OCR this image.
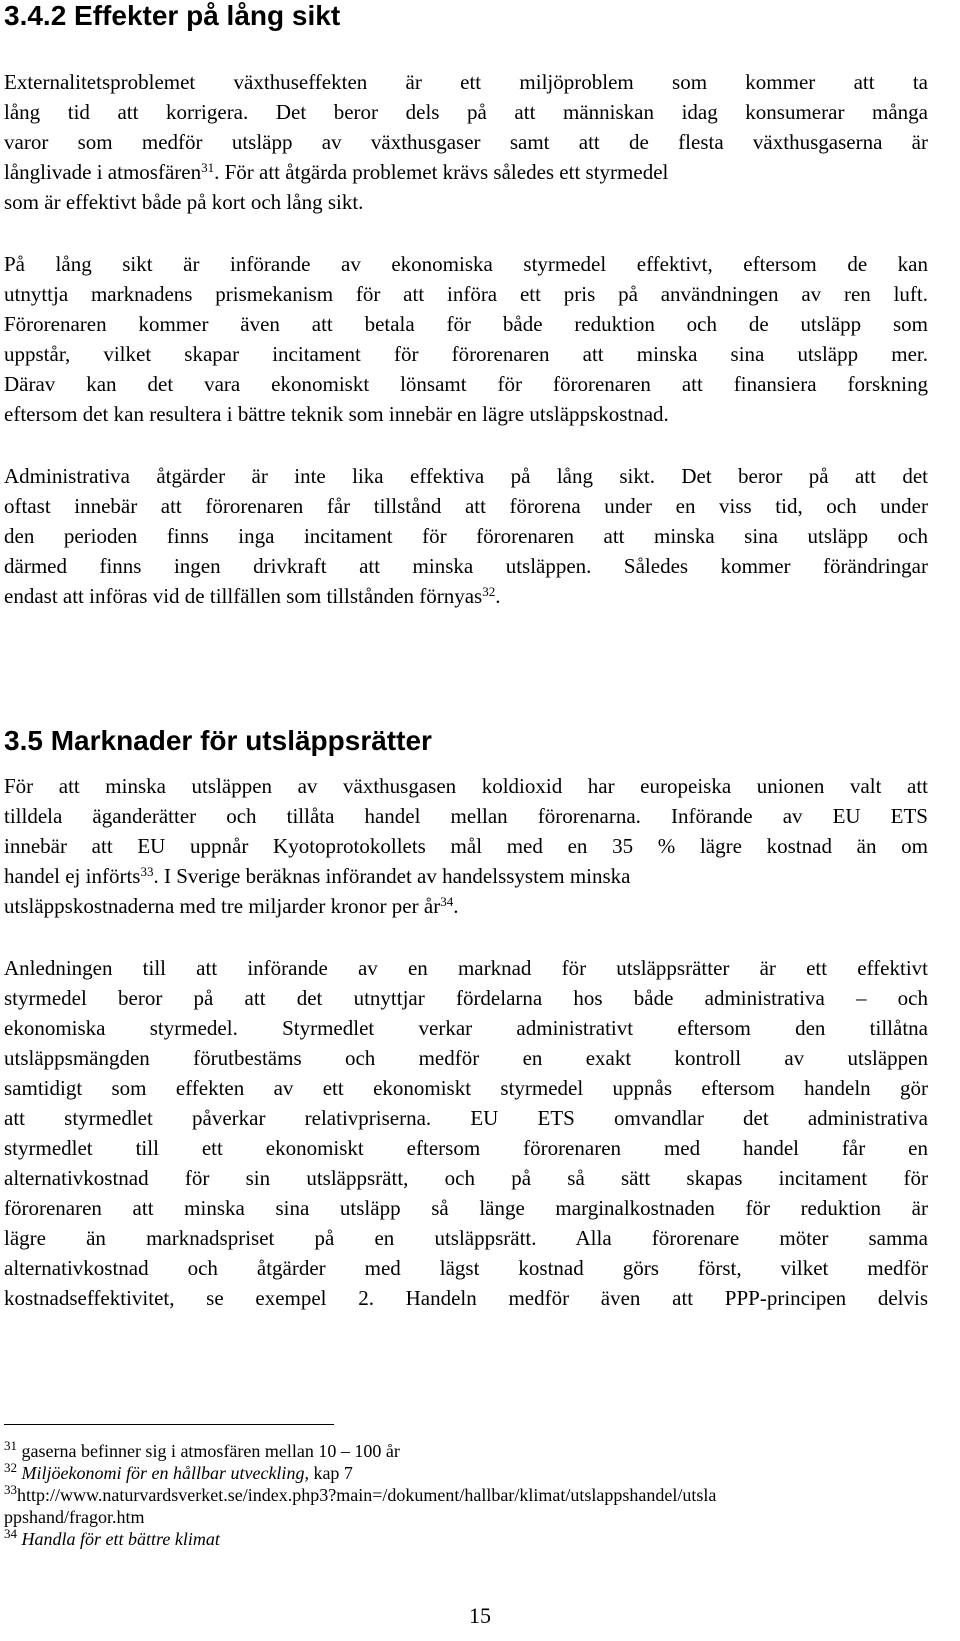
3.4.2 Effekter på lång sikt

Externalitetsproblemet växthuseffekten är ett miljöproblem som kommer att ta

lång tid att korrigera. Det beror dels på att människan idag konsumerar många

varor som medför utsläpp av växthusgaser samt att de flesta växthusgaserna är

långlivade i atmosfären$^{31}$. För att åtgärda problemet krävs således ett styrmedel

som är effektivt både på kort och lång sikt.

På lång sikt är införande av ekonomiska styrmedel effektivt, eftersom de kan

utnyttja marknadens prismekanism för att införa ett pris på användningen av ren luft.

Förorenaren kommer även att betala för både reduktion och de utsläpp som

uppstår, vilket skapar incitament för förorenaren att minska sina utsläpp mer.

Därav kan det vara ekonomiskt lönsamt för förorenaren att finansiera forskning

eftersom det kan resultera i bättre teknik som innebär en lägre utsläppskostnad.

Administrativa åtgärder är inte lika effektiva på lång sikt. Det beror på att det

oftast innebär att förorenaren får tillstånd att förorena under en viss tid, och under

den perioden finns inga incitament för förorenaren att minska sina utsläpp och

därmed finns ingen drivkraft att minska utsläppen. Således kommer förändringar

endast att införas vid de tillfällen som tillstånden förnyas$^{32}$.

3.5 Marknader för utsläppsrätter

För att minska utsläppen av växthusgasen koldioxid har europeiska unionen valt att

tilldela äganderätter och tillåta handel mellan förorenarna. Införande av EU ETS

innebär att EU uppnår Kyotoprotokollets mål med en 35 % lägre kostnad än om

handel ej införts$^{33}$. I Sverige beräknas införandet av handelssystem minska

utsläppskostnaderna med tre miljarder kronor per $år^{34}$.

Anledningen till att införande av en marknad för utsläppsrätter är ett effektivt

styrmedel beror på att det utnyttjar fördelarna hos både administrativa – och

ekonomiska styrmedel. Styrmedlet verkar administrativt eftersom den tillåtna

utsläppsmängden förutbestäms och medför en exakt kontroll av utsläppen

samtidigt som effekten av ett ekonomiskt styrmedel uppnås eftersom handeln gör

att styrmedlet påverkar relativpriserna. EU ETS omvandlar det administrativa

styrmedlet till ett ekonomiskt eftersom förorenaren med handel får en

alternativkostnad för sin utsläppsrätt, och på så sätt skapas incitament för

förorenaren att minska sina utsläpp så länge marginalkostnaden för reduktion är

lägre än marknadspriset på en utsläppsrätt. Alla förorenare möter samma

alternativkostnad och åtgärder med lägst kostnad görs först, vilket medför

kostnadseffektivitet, se exempel 2. Handeln medför även att PPP-principen delvis

$^{31}$ gaserna befinner sig i atmosfären mellan 10 – 100 år

$^{32}$ Miljöekonomi för en hållbar utveckling, kap 7

$^{33}$http://www.naturvardsverket.se/index.php3?main=/dokument/hallbar/klimat/utslappshandel/utsla

ppshand/fragor.htm

$^{34}$ Handla för ett bättre klimat

15
